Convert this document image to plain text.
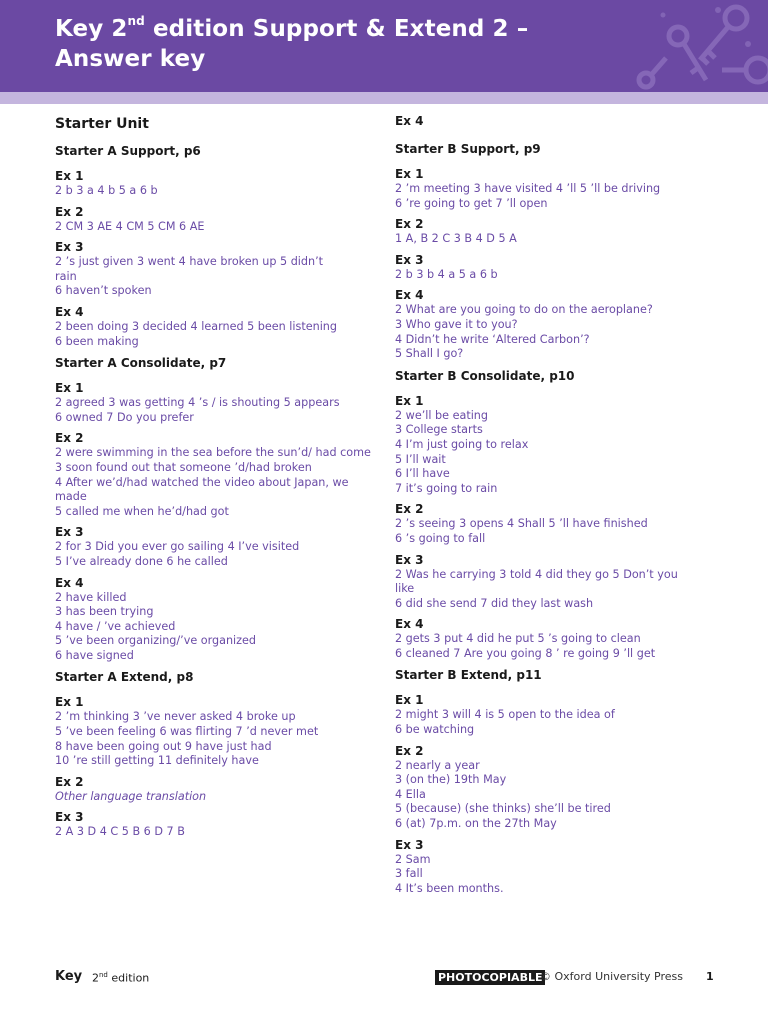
Key 2nd edition Support & Extend 2 –
Answer key
Starter Unit
Starter A Support, p6
Ex 1
2 b 3 a 4 b 5 a 6 b
Ex 2
2 CM 3 AE 4 CM 5 CM 6 AE
Ex 3
2 ’s just given 3 went 4 have broken up 5 didn’t
rain
6 haven’t spoken
Ex 4
2 been doing 3 decided 4 learned 5 been listening
6 been making
Starter A Consolidate, p7
Ex 1
2 agreed 3 was getting 4 ’s / is shouting 5 appears
6 owned 7 Do you prefer
Ex 2
2 were swimming in the sea before the sun’d/ had come
3 soon found out that someone ’d/had broken
4 After we’d/had watched the video about Japan, we
made
5 called me when he’d/had got
Ex 3
2 for 3 Did you ever go sailing 4 I’ve visited
5 I’ve already done 6 he called
Ex 4
2 have killed
3 has been trying
4 have / ’ve achieved
5 ’ve been organizing/’ve organized
6 have signed
Starter A Extend, p8
Ex 1
2 ’m thinking 3 ’ve never asked 4 broke up
5 ’ve been feeling 6 was flirting 7 ’d never met
8 have been going out 9 have just had
10 ’re still getting 11 definitely have
Ex 2
Other language translation
Ex 3
2 A 3 D 4 C 5 B 6 D 7 B
Ex 4
Starter B Support, p9
Ex 1
2 ’m meeting 3 have visited 4 ’ll 5 ’ll be driving
6 ’re going to get 7 ’ll open
Ex 2
1 A, B 2 C 3 B 4 D 5 A
Ex 3
2 b 3 b 4 a 5 a 6 b
Ex 4
2 What are you going to do on the aeroplane?
3 Who gave it to you?
4 Didn’t he write ‘Altered Carbon’?
5 Shall I go?
Starter B Consolidate, p10
Ex 1
2 we’ll be eating
3 College starts
4 I’m just going to relax
5 I’ll wait
6 I’ll have
7 it’s going to rain
Ex 2
2 ’s seeing 3 opens 4 Shall 5 ’ll have finished
6 ’s going to fall
Ex 3
2 Was he carrying 3 told 4 did they go 5 Don’t you
like
6 did she send 7 did they last wash
Ex 4
2 gets 3 put 4 did he put 5 ’s going to clean
6 cleaned 7 Are you going 8 ’ re going 9 ’ll get
Starter B Extend, p11
Ex 1
2 might 3 will 4 is 5 open to the idea of
6 be watching
Ex 2
2 nearly a year
3 (on the) 19th May
4 Ella
5 (because) (she thinks) she’ll be tired
6 (at) 7p.m. on the 27th May
Ex 3
2 Sam
3 fall
4 It’s been months.
Key 2nd edition	PHOTOCOPIABLE
© Oxford University Press 1
